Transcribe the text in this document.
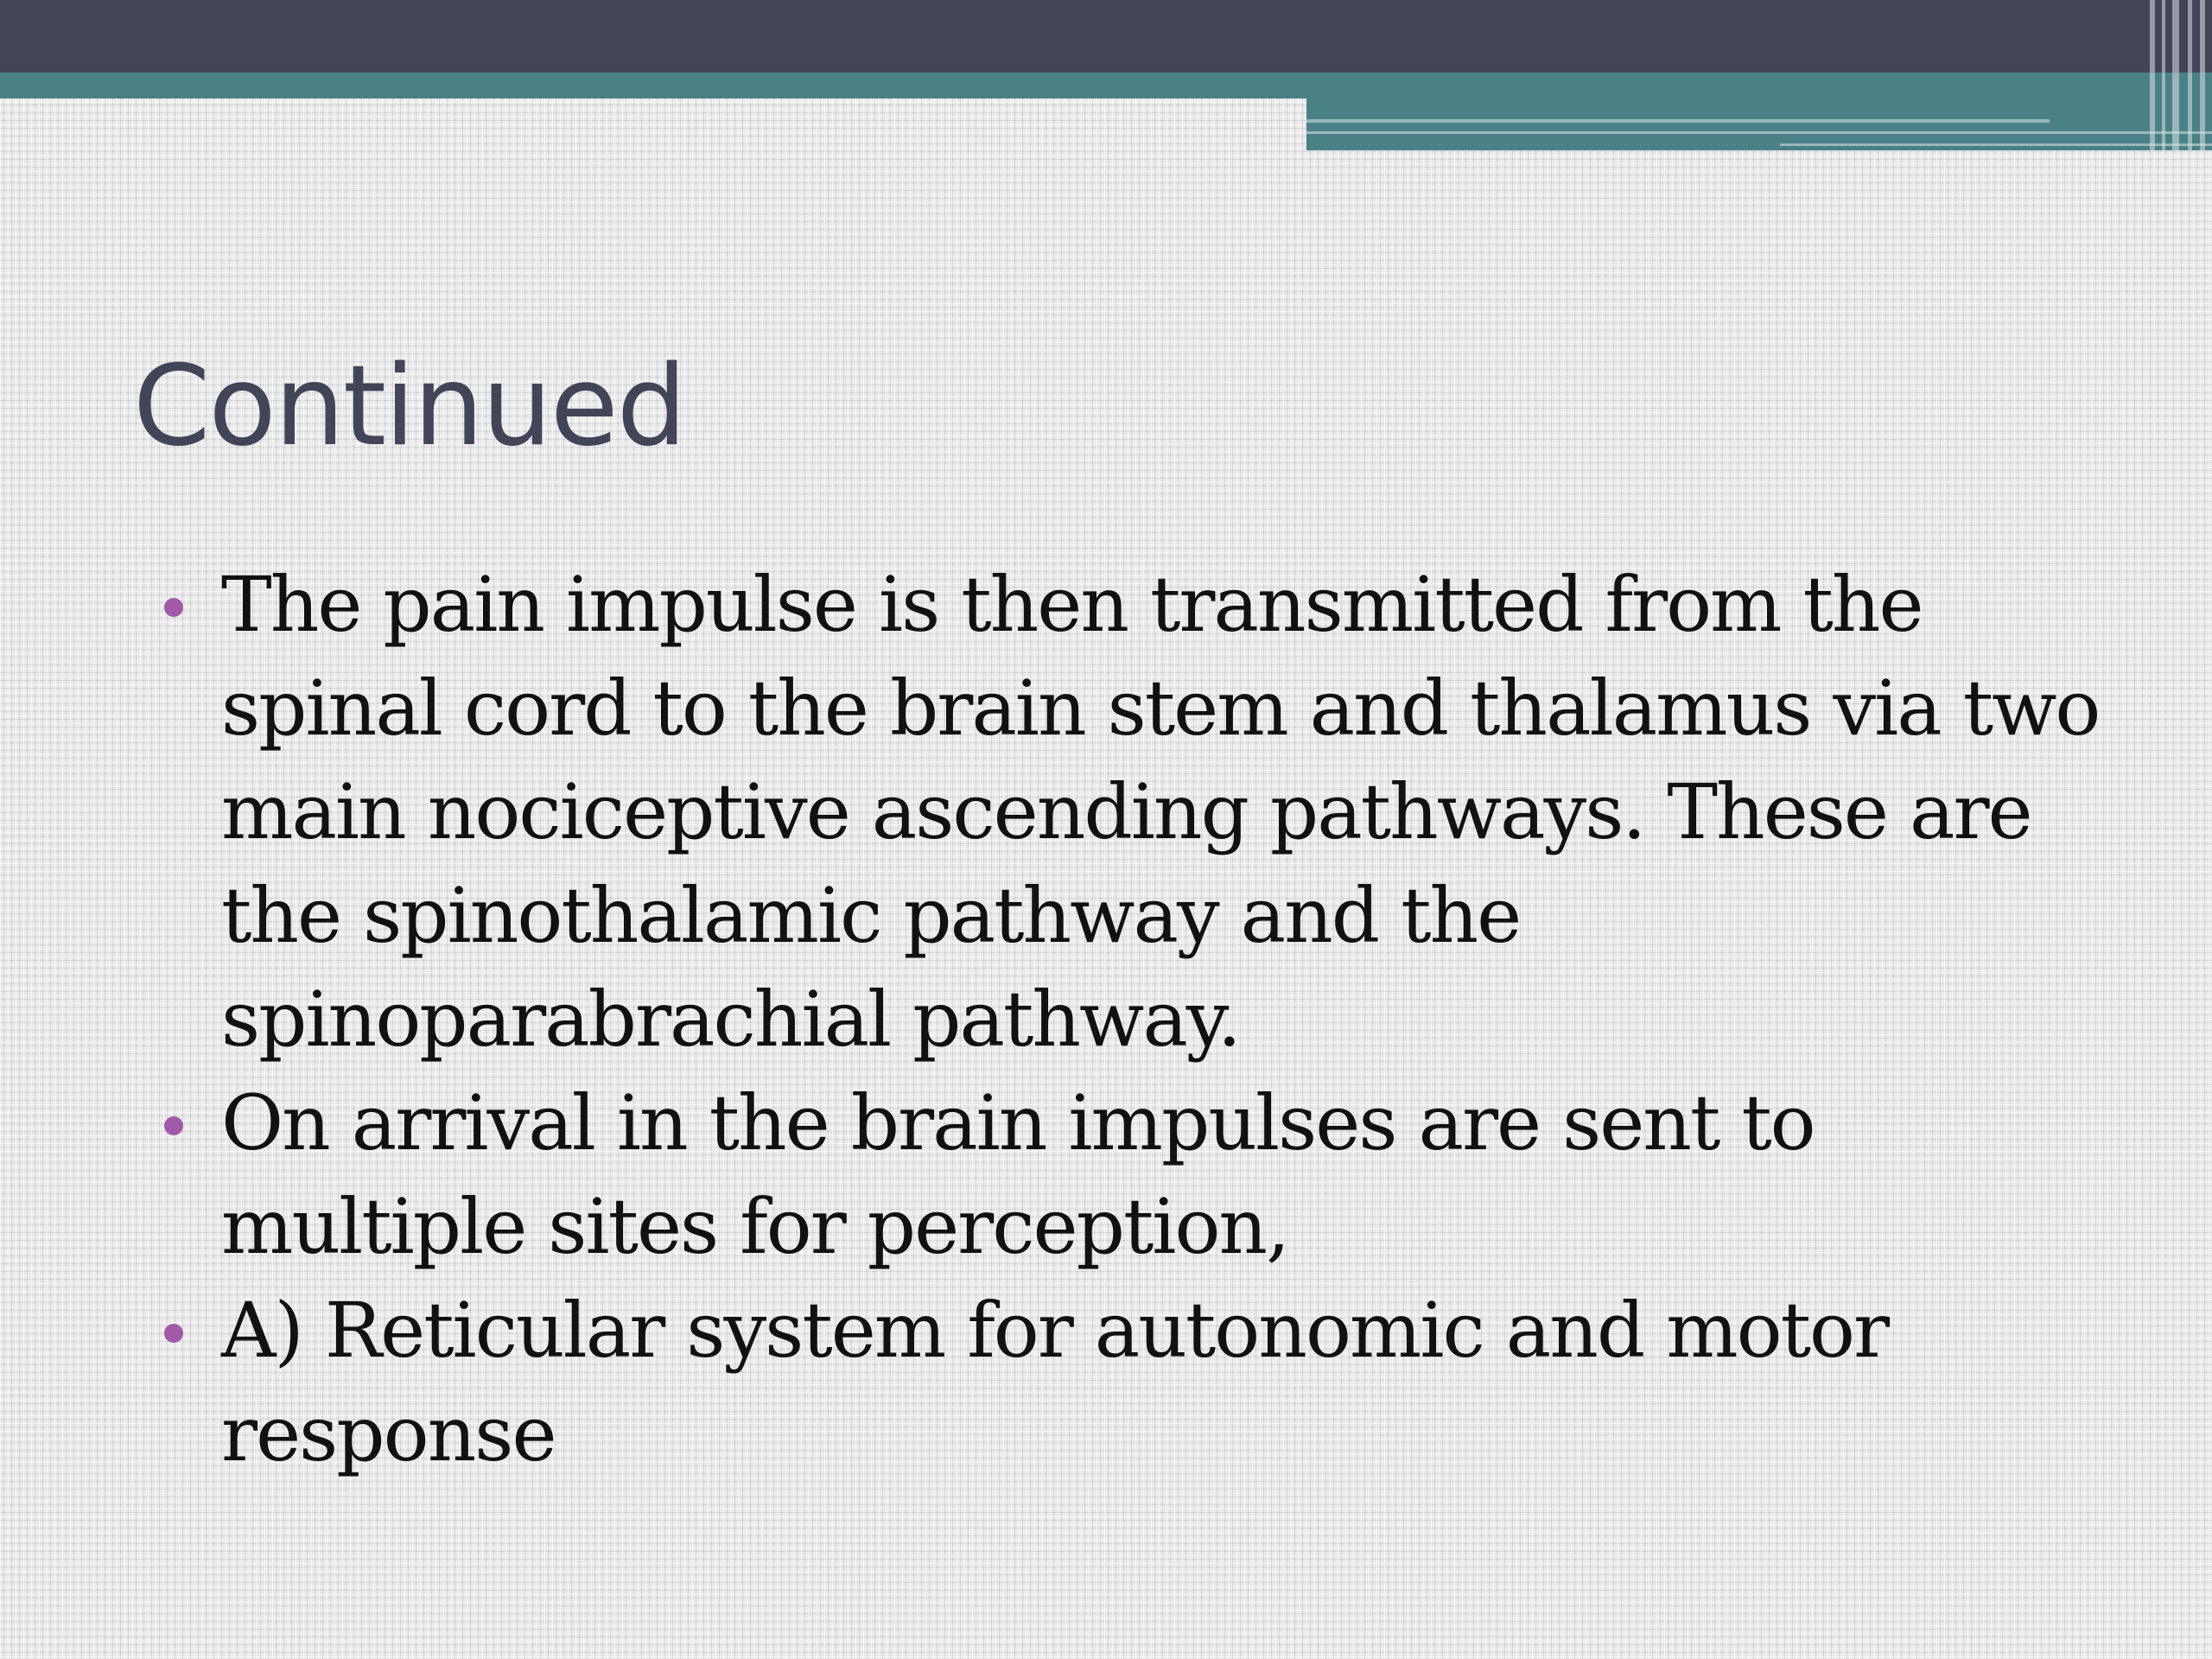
Continued

The pain impulse is then transmitted from the spinal cord to the brain stem and thalamus via two main nociceptive ascending pathways. These are the spinothalamic pathway and the spinoparabrachial pathway.

On arrival in the brain impulses are sent to multiple sites for perception,

A) Reticular system for autonomic and motor response
